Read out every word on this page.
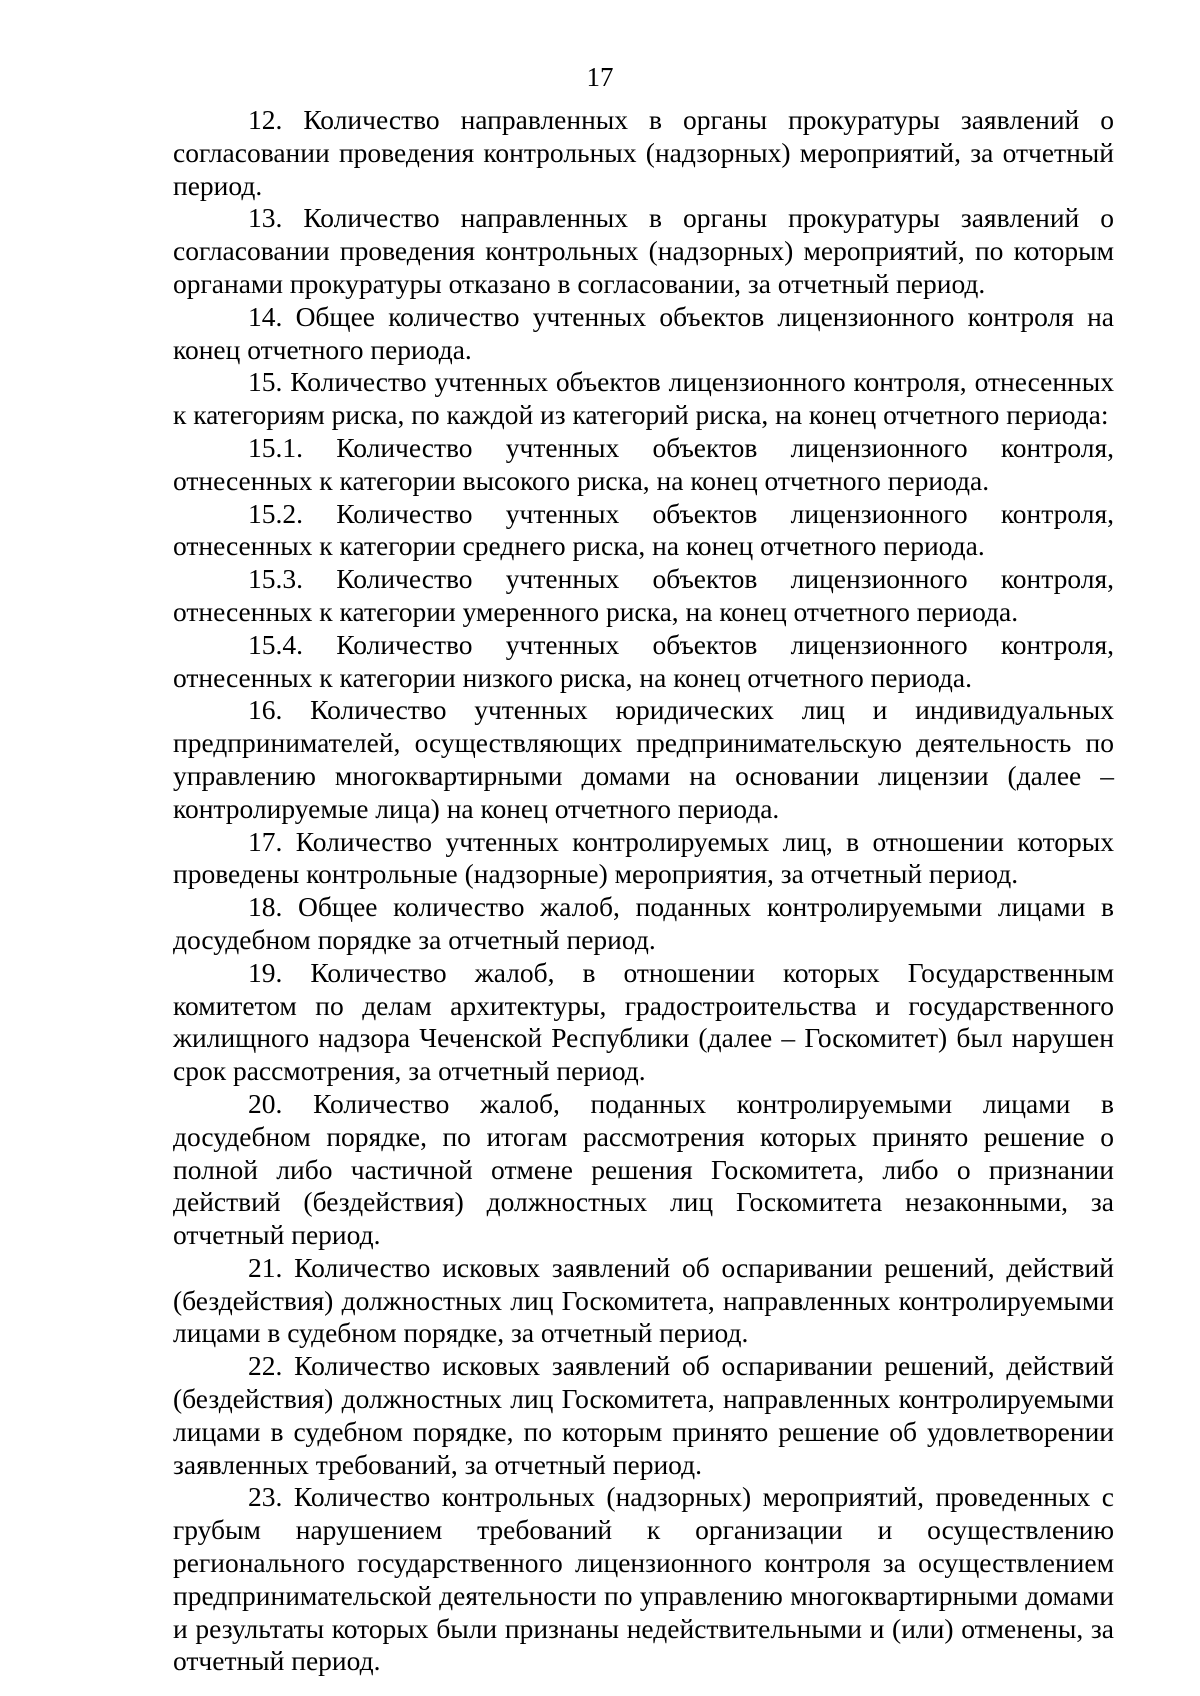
17

12. Количество направленных в органы прокуратуры заявлений о согласовании проведения контрольных (надзорных) мероприятий, за отчетный период.

13. Количество направленных в органы прокуратуры заявлений о согласовании проведения контрольных (надзорных) мероприятий, по которым органами прокуратуры отказано в согласовании, за отчетный период.

14. Общее количество учтенных объектов лицензионного контроля на конец отчетного периода.

15. Количество учтенных объектов лицензионного контроля, отнесенных к категориям риска, по каждой из категорий риска, на конец отчетного периода:

15.1. Количество учтенных объектов лицензионного контроля, отнесенных к категории высокого риска, на конец отчетного периода.

15.2. Количество учтенных объектов лицензионного контроля, отнесенных к категории среднего риска, на конец отчетного периода.

15.3. Количество учтенных объектов лицензионного контроля, отнесенных к категории умеренного риска, на конец отчетного периода.

15.4. Количество учтенных объектов лицензионного контроля, отнесенных к категории низкого риска, на конец отчетного периода.

16. Количество учтенных юридических лиц и индивидуальных предпринимателей, осуществляющих предпринимательскую деятельность по управлению многоквартирными домами на основании лицензии (далее – контролируемые лица) на конец отчетного периода.

17. Количество учтенных контролируемых лиц, в отношении которых проведены контрольные (надзорные) мероприятия, за отчетный период.

18. Общее количество жалоб, поданных контролируемыми лицами в досудебном порядке за отчетный период.

19. Количество жалоб, в отношении которых Государственным комитетом по делам архитектуры, градостроительства и государственного жилищного надзора Чеченской Республики (далее – Госкомитет) был нарушен срок рассмотрения, за отчетный период.

20. Количество жалоб, поданных контролируемыми лицами в досудебном порядке, по итогам рассмотрения которых принято решение о полной либо частичной отмене решения Госкомитета, либо о признании действий (бездействия) должностных лиц Госкомитета незаконными, за отчетный период.

21. Количество исковых заявлений об оспаривании решений, действий (бездействия) должностных лиц Госкомитета, направленных контролируемыми лицами в судебном порядке, за отчетный период.

22. Количество исковых заявлений об оспаривании решений, действий (бездействия) должностных лиц Госкомитета, направленных контролируемыми лицами в судебном порядке, по которым принято решение об удовлетворении заявленных требований, за отчетный период.

23. Количество контрольных (надзорных) мероприятий, проведенных с грубым нарушением требований к организации и осуществлению регионального государственного лицензионного контроля за осуществлением предпринимательской деятельности по управлению многоквартирными домами и результаты которых были признаны недействительными и (или) отменены, за отчетный период.
